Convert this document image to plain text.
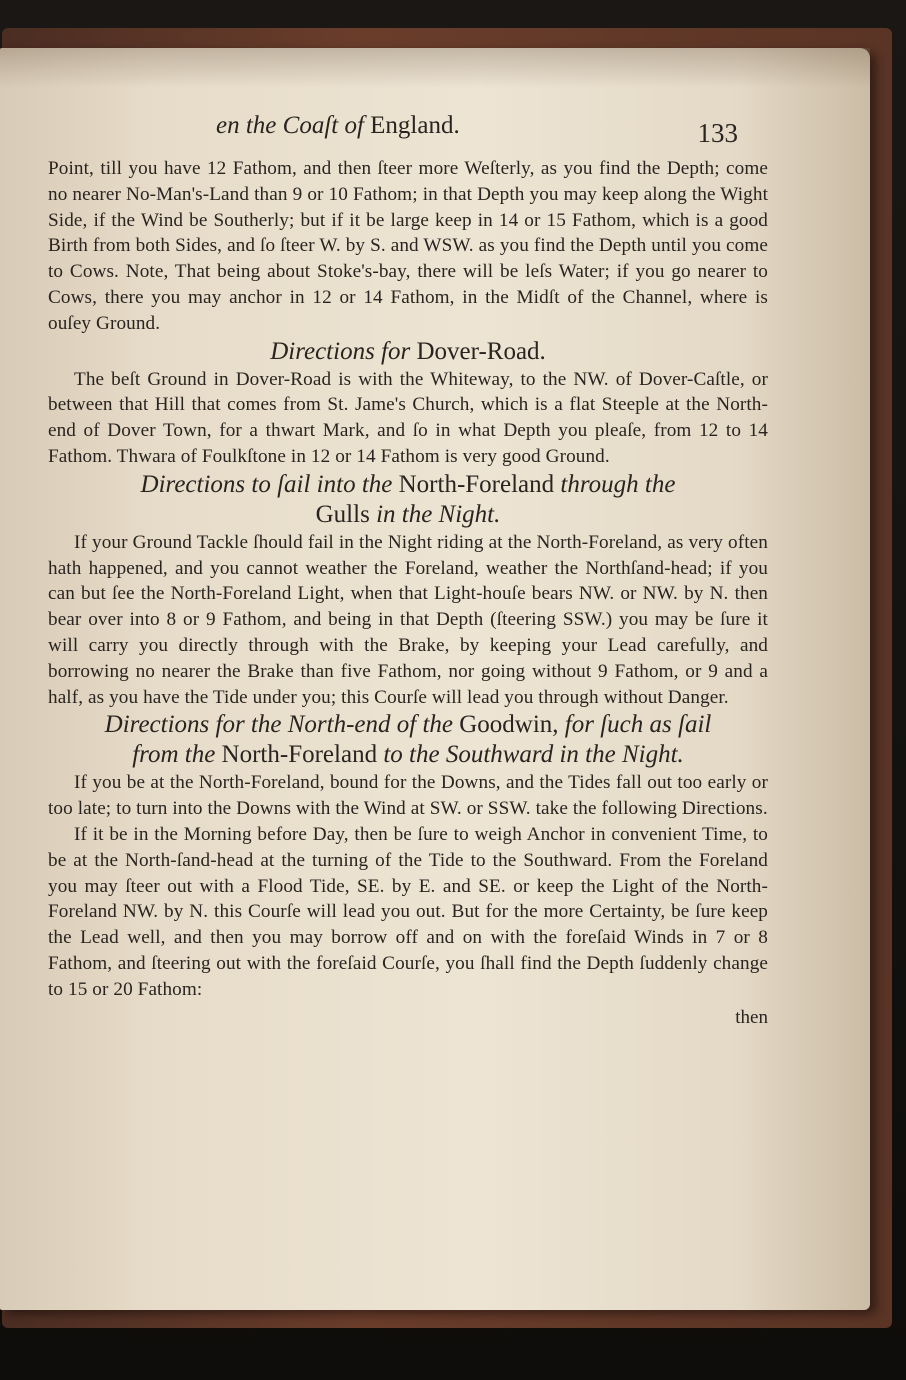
en the Coaſt of England.	133

Point, till you have 12 Fathom, and then ſteer more Weſterly, as you find the Depth; come no nearer No-Man's-Land than 9 or 10 Fathom; in that Depth you may keep along the Wight Side, if the Wind be Southerly; but if it be large keep in 14 or 15 Fathom, which is a good Birth from both Sides, and ſo ſteer W. by S. and WSW. as you find the Depth until you come to Cows. Note, That being about Stoke's-bay, there will be leſs Water; if you go nearer to Cows, there you may anchor in 12 or 14 Fathom, in the Midſt of the Channel, where is ouſey Ground.

Directions for Dover-Road.

The beſt Ground in Dover-Road is with the Whiteway, to the NW. of Dover-Caſtle, or between that Hill that comes from St. Jame's Church, which is a flat Steeple at the North-end of Dover Town, for a thwart Mark, and ſo in what Depth you pleaſe, from 12 to 14 Fathom. Thwara of Foulkſtone in 12 or 14 Fathom is very good Ground.

Directions to ſail into the North-Foreland through the
Gulls in the Night.

If your Ground Tackle ſhould fail in the Night riding at the North-Foreland, as very often hath happened, and you cannot weather the Foreland, weather the Northſand-head; if you can but ſee the North-Foreland Light, when that Light-houſe bears NW. or NW. by N. then bear over into 8 or 9 Fathom, and being in that Depth (ſteering SSW.) you may be ſure it will carry you directly through with the Brake, by keeping your Lead carefully, and borrowing no nearer the Brake than five Fathom, nor going without 9 Fathom, or 9 and a half, as you have the Tide under you; this Courſe will lead you through without Danger.

Directions for the North-end of the Goodwin, for ſuch as ſail
from the North-Foreland to the Southward in the Night.

If you be at the North-Foreland, bound for the Downs, and the Tides fall out too early or too late; to turn into the Downs with the Wind at SW. or SSW. take the following Directions.

If it be in the Morning before Day, then be ſure to weigh Anchor in convenient Time, to be at the North-ſand-head at the turning of the Tide to the Southward. From the Foreland you may ſteer out with a Flood Tide, SE. by E. and SE. or keep the Light of the North-Foreland NW. by N. this Courſe will lead you out. But for the more Certainty, be ſure keep the Lead well, and then you may borrow off and on with the foreſaid Winds in 7 or 8 Fathom, and ſteering out with the foreſaid Courſe, you ſhall find the Depth ſuddenly change to 15 or 20 Fathom:

then
